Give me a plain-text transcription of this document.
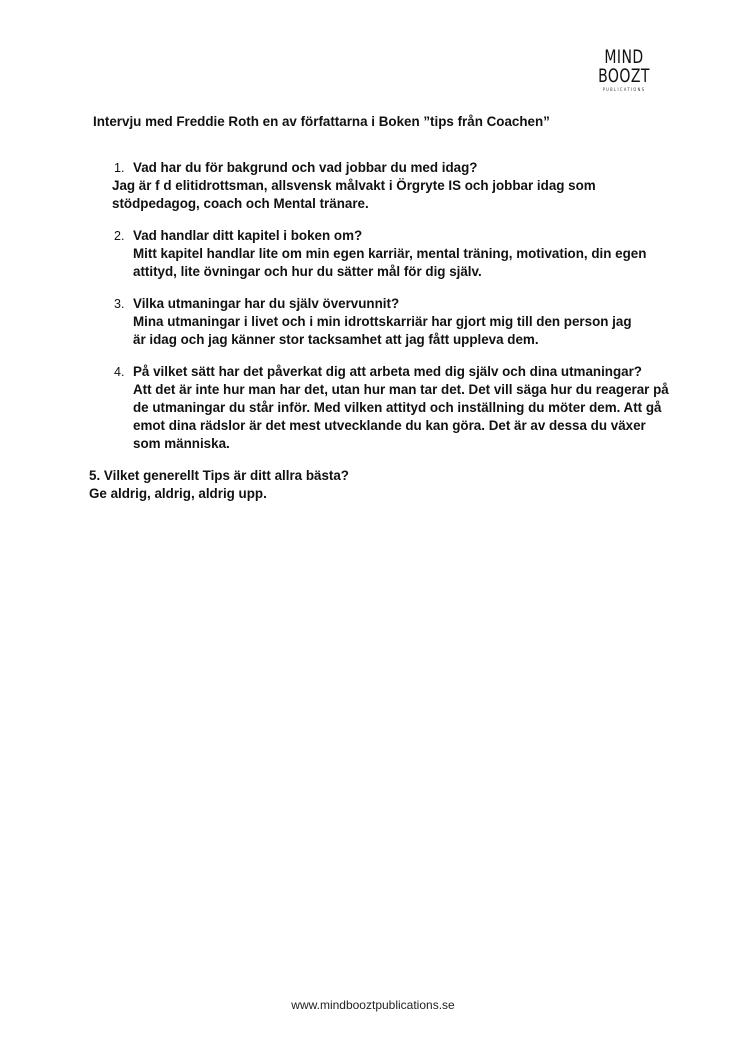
MIND
BOOZT
PUBLICATIONS
Intervju med Freddie Roth en av författarna i Boken ”tips från Coachen”
1. Vad har du för bakgrund och vad jobbar du med idag?
Jag är f d elitidrottsman, allsvensk målvakt i Örgryte IS och jobbar idag som stödpedagog, coach och Mental tränare.
2. Vad handlar ditt kapitel i boken om?
Mitt kapitel handlar lite om min egen karriär, mental träning, motivation, din egen attityd, lite övningar och hur du sätter mål för dig själv.
3. Vilka utmaningar har du själv övervunnit?
Mina utmaningar i livet och i min idrottskarriär har gjort mig till den person jag är idag och jag känner stor tacksamhet att jag fått uppleva dem.
4. På vilket sätt har det påverkat dig att arbeta med dig själv och dina utmaningar?
Att det är inte hur man har det, utan hur man tar det. Det vill säga hur du reagerar på de utmaningar du står inför. Med vilken attityd och inställning du möter dem. Att gå emot dina rädslor är det mest utvecklande du kan göra. Det är av dessa du växer som människa.
5. Vilket generellt Tips är ditt allra bästa?
Ge aldrig, aldrig, aldrig upp.
www.mindbooztpublications.se
